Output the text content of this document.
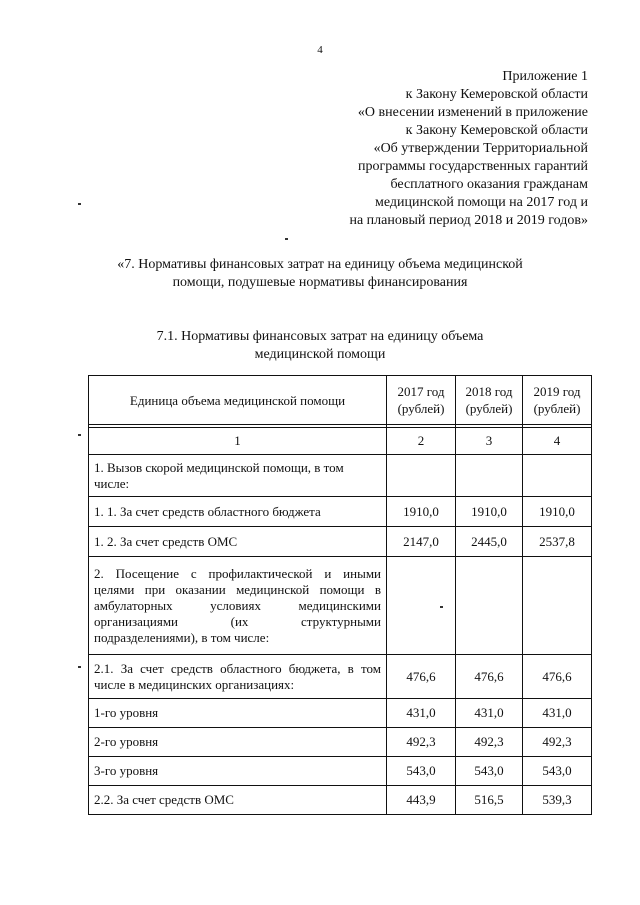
4
Приложение 1
к Закону Кемеровской области
«О внесении изменений в приложение
к Закону Кемеровской области
«Об утверждении Территориальной
программы государственных гарантий
бесплатного оказания гражданам
медицинской помощи на 2017 год и
на плановый период 2018 и 2019 годов»
«7. Нормативы финансовых затрат на единицу объема медицинской
помощи, подушевые нормативы финансирования
7.1. Нормативы финансовых затрат на единицу объема
медицинской помощи
Единица объема медицинской помощи	2017 год (рублей)	2018 год (рублей)	2019 год (рублей)

1	2	3	4
1. Вызов скорой медицинской помощи, в том числе:			
1. 1. За счет средств областного бюджета	1910,0	1910,0	1910,0
1. 2. За счет средств ОМС	2147,0	2445,0	2537,8
2. Посещение с профилактической и иными целями при оказании медицинской помощи в амбулаторных условиях медицинскими организациями (их структурными подразделениями), в том числе:			
2.1. За счет средств областного бюджета, в том числе в медицинских организациях:	476,6	476,6	476,6
1-го уровня	431,0	431,0	431,0
2-го уровня	492,3	492,3	492,3
3-го уровня	543,0	543,0	543,0
2.2. За счет средств ОМС	443,9	516,5	539,3
